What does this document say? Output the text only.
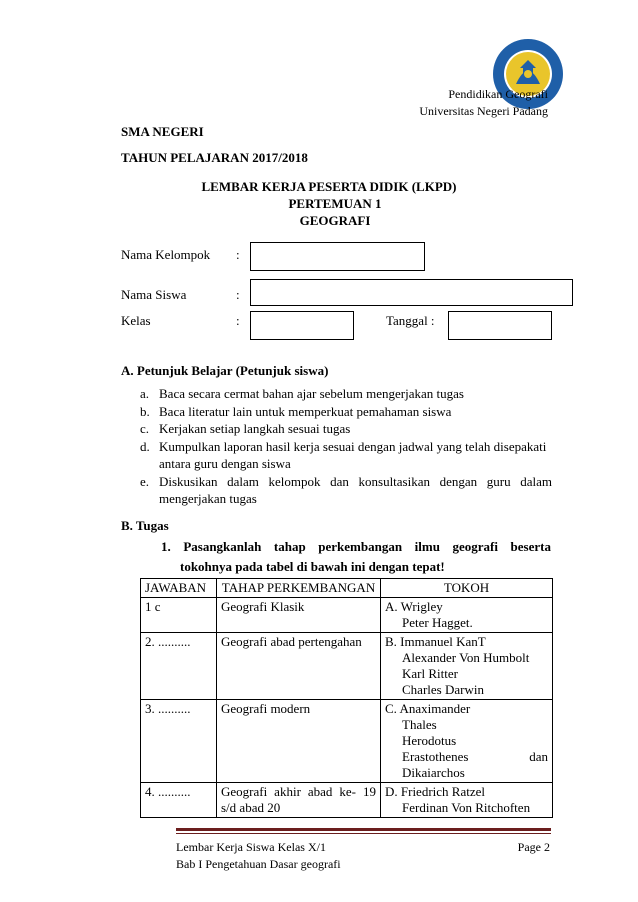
Pendidikan Geografi
Universitas Negeri Padang
SMA NEGERI
TAHUN PELAJARAN 2017/2018
LEMBAR KERJA PESERTA DIDIK (LKPD)
PERTEMUAN 1
GEOGRAFI
Nama Kelompok :
Nama Siswa	:
Kelas	:	Tanggal :
A. Petunjuk Belajar (Petunjuk siswa)
a. Baca secara cermat bahan ajar sebelum mengerjakan tugas
b. Baca literatur lain untuk memperkuat pemahaman siswa
c. Kerjakan setiap langkah sesuai tugas
d. Kumpulkan laporan hasil kerja sesuai dengan jadwal yang telah disepakati antara guru dengan siswa
e. Diskusikan dalam kelompok dan konsultasikan dengan guru dalam mengerjakan tugas
B. Tugas
1. Pasangkanlah tahap perkembangan ilmu geografi beserta
tokohnya pada tabel di bawah ini dengan tepat!
JAWABAN	TAHAP PERKEMBANGAN	TOKOH
1 c	Geografi Klasik	A. Wrigley
Peter Hagget.

2. ..........	Geografi abad pertengahan	B. Immanuel KanT
Alexander Von Humbolt
Karl Ritter
Charles Darwin

3. ..........	Geografi modern	C. Anaximander
Thales
Herodotus
Erastothenes dan
Dikaiarchos

4. ..........	Geografi akhir abad ke- 19 s/d abad 20	D. Friedrich Ratzel
Ferdinan Von Ritchoften
Lembar Kerja Siswa Kelas X/1
Bab I Pengetahuan Dasar geografi
Page 2
